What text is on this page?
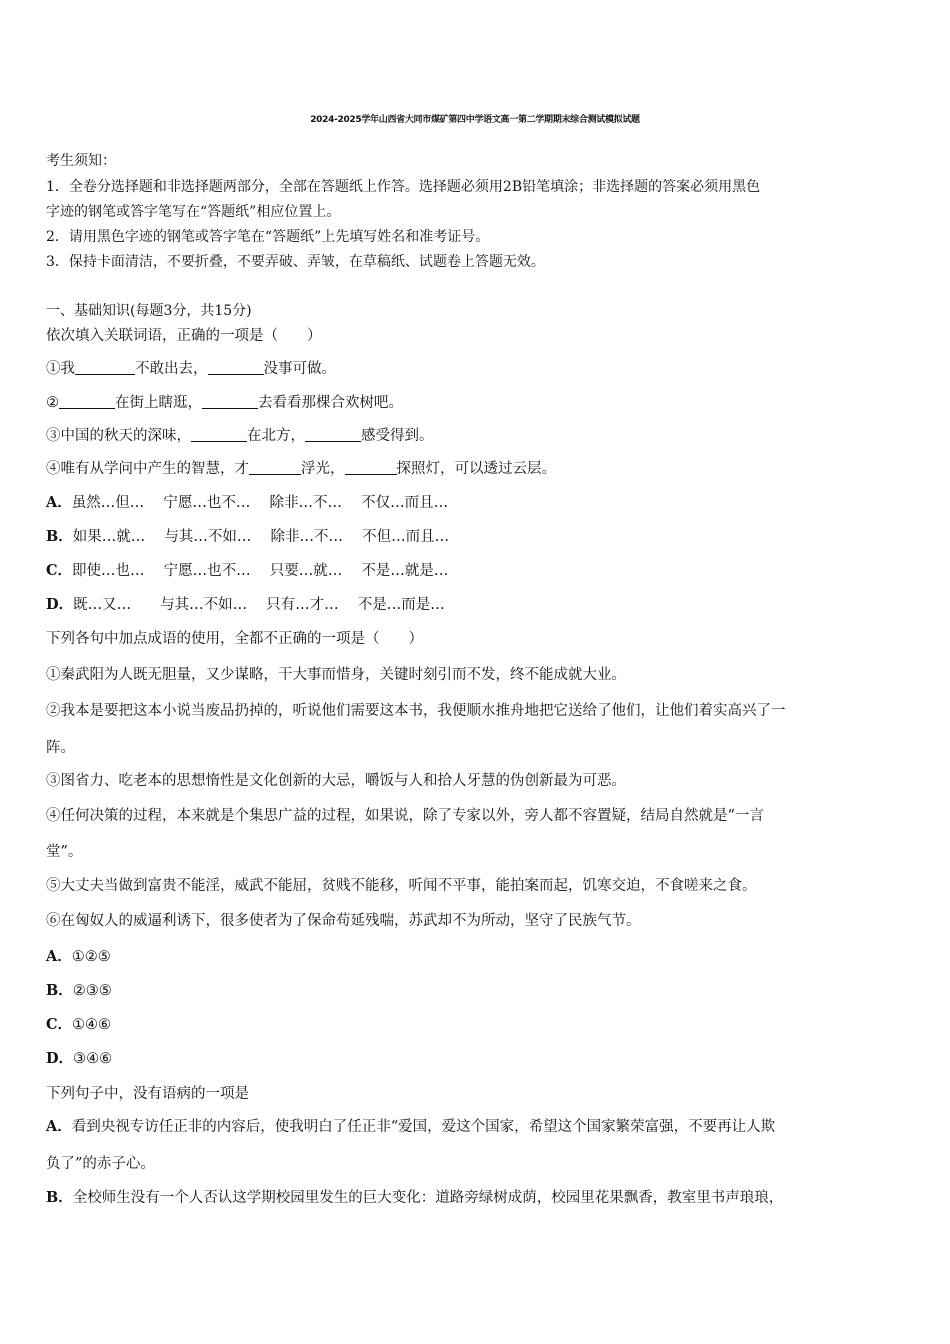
2024-2025学年山西省大同市煤矿第四中学语文高一第二学期期末综合测试模拟试题
考生须知：
1．全卷分选择题和非选择题两部分，全部在答题纸上作答。选择题必须用2B铅笔填涂；非选择题的答案必须用黑色
字迹的钢笔或答字笔写在“答题纸”相应位置上。
2．请用黑色字迹的钢笔或答字笔在“答题纸”上先填写姓名和准考证号。
3．保持卡面清洁，不要折叠，不要弄破、弄皱，在草稿纸、试题卷上答题无效。
一、基础知识(每题3分，共15分)
依次填入关联词语，正确的一项是（　　）
①我	不敢出去，	没事可做。
②	在街上瞎逛，	去看看那棵合欢树吧。
③中国的秋天的深味，	在北方，	感受得到。
④唯有从学问中产生的智慧，才	浮光，	探照灯，可以透过云层。
A．虽然…但…　 宁愿…也不…　 除非…不…　 不仅…而且…
B．如果…就…　 与其…不如…　 除非…不…　 不但…而且…
C．即使…也…　 宁愿…也不…　 只要…就…　 不是…就是…
D．既…又…　　与其…不如…　 只有…才…　 不是…而是…
下列各句中加点成语的使用，全都不正确的一项是（　　）
①秦武阳为人既无胆量，又少谋略，干大事而惜身，关键时刻引而不发，终不能成就大业。
②我本是要把这本小说当废品扔掉的，听说他们需要这本书，我便顺水推舟地把它送给了他们，让他们着实高兴了一
阵。
③图省力、吃老本的思想惰性是文化创新的大忌，嚼饭与人和拾人牙慧的伪创新最为可恶。
④任何决策的过程，本来就是个集思广益的过程，如果说，除了专家以外，旁人都不容置疑，结局自然就是“一言
堂”。
⑤大丈夫当做到富贵不能淫，威武不能屈，贫贱不能移，听闻不平事，能拍案而起，饥寒交迫，不食嗟来之食。
⑥在匈奴人的威逼利诱下，很多使者为了保命苟延残喘，苏武却不为所动，坚守了民族气节。
A．①②⑤
B．②③⑤
C．①④⑥
D．③④⑥
下列句子中，没有语病的一项是
A．看到央视专访任正非的内容后，使我明白了任正非“爱国，爱这个国家，希望这个国家繁荣富强，不要再让人欺
负了”的赤子心。
B．全校师生没有一个人否认这学期校园里发生的巨大变化：道路旁绿树成荫，校园里花果飘香，教室里书声琅琅，
